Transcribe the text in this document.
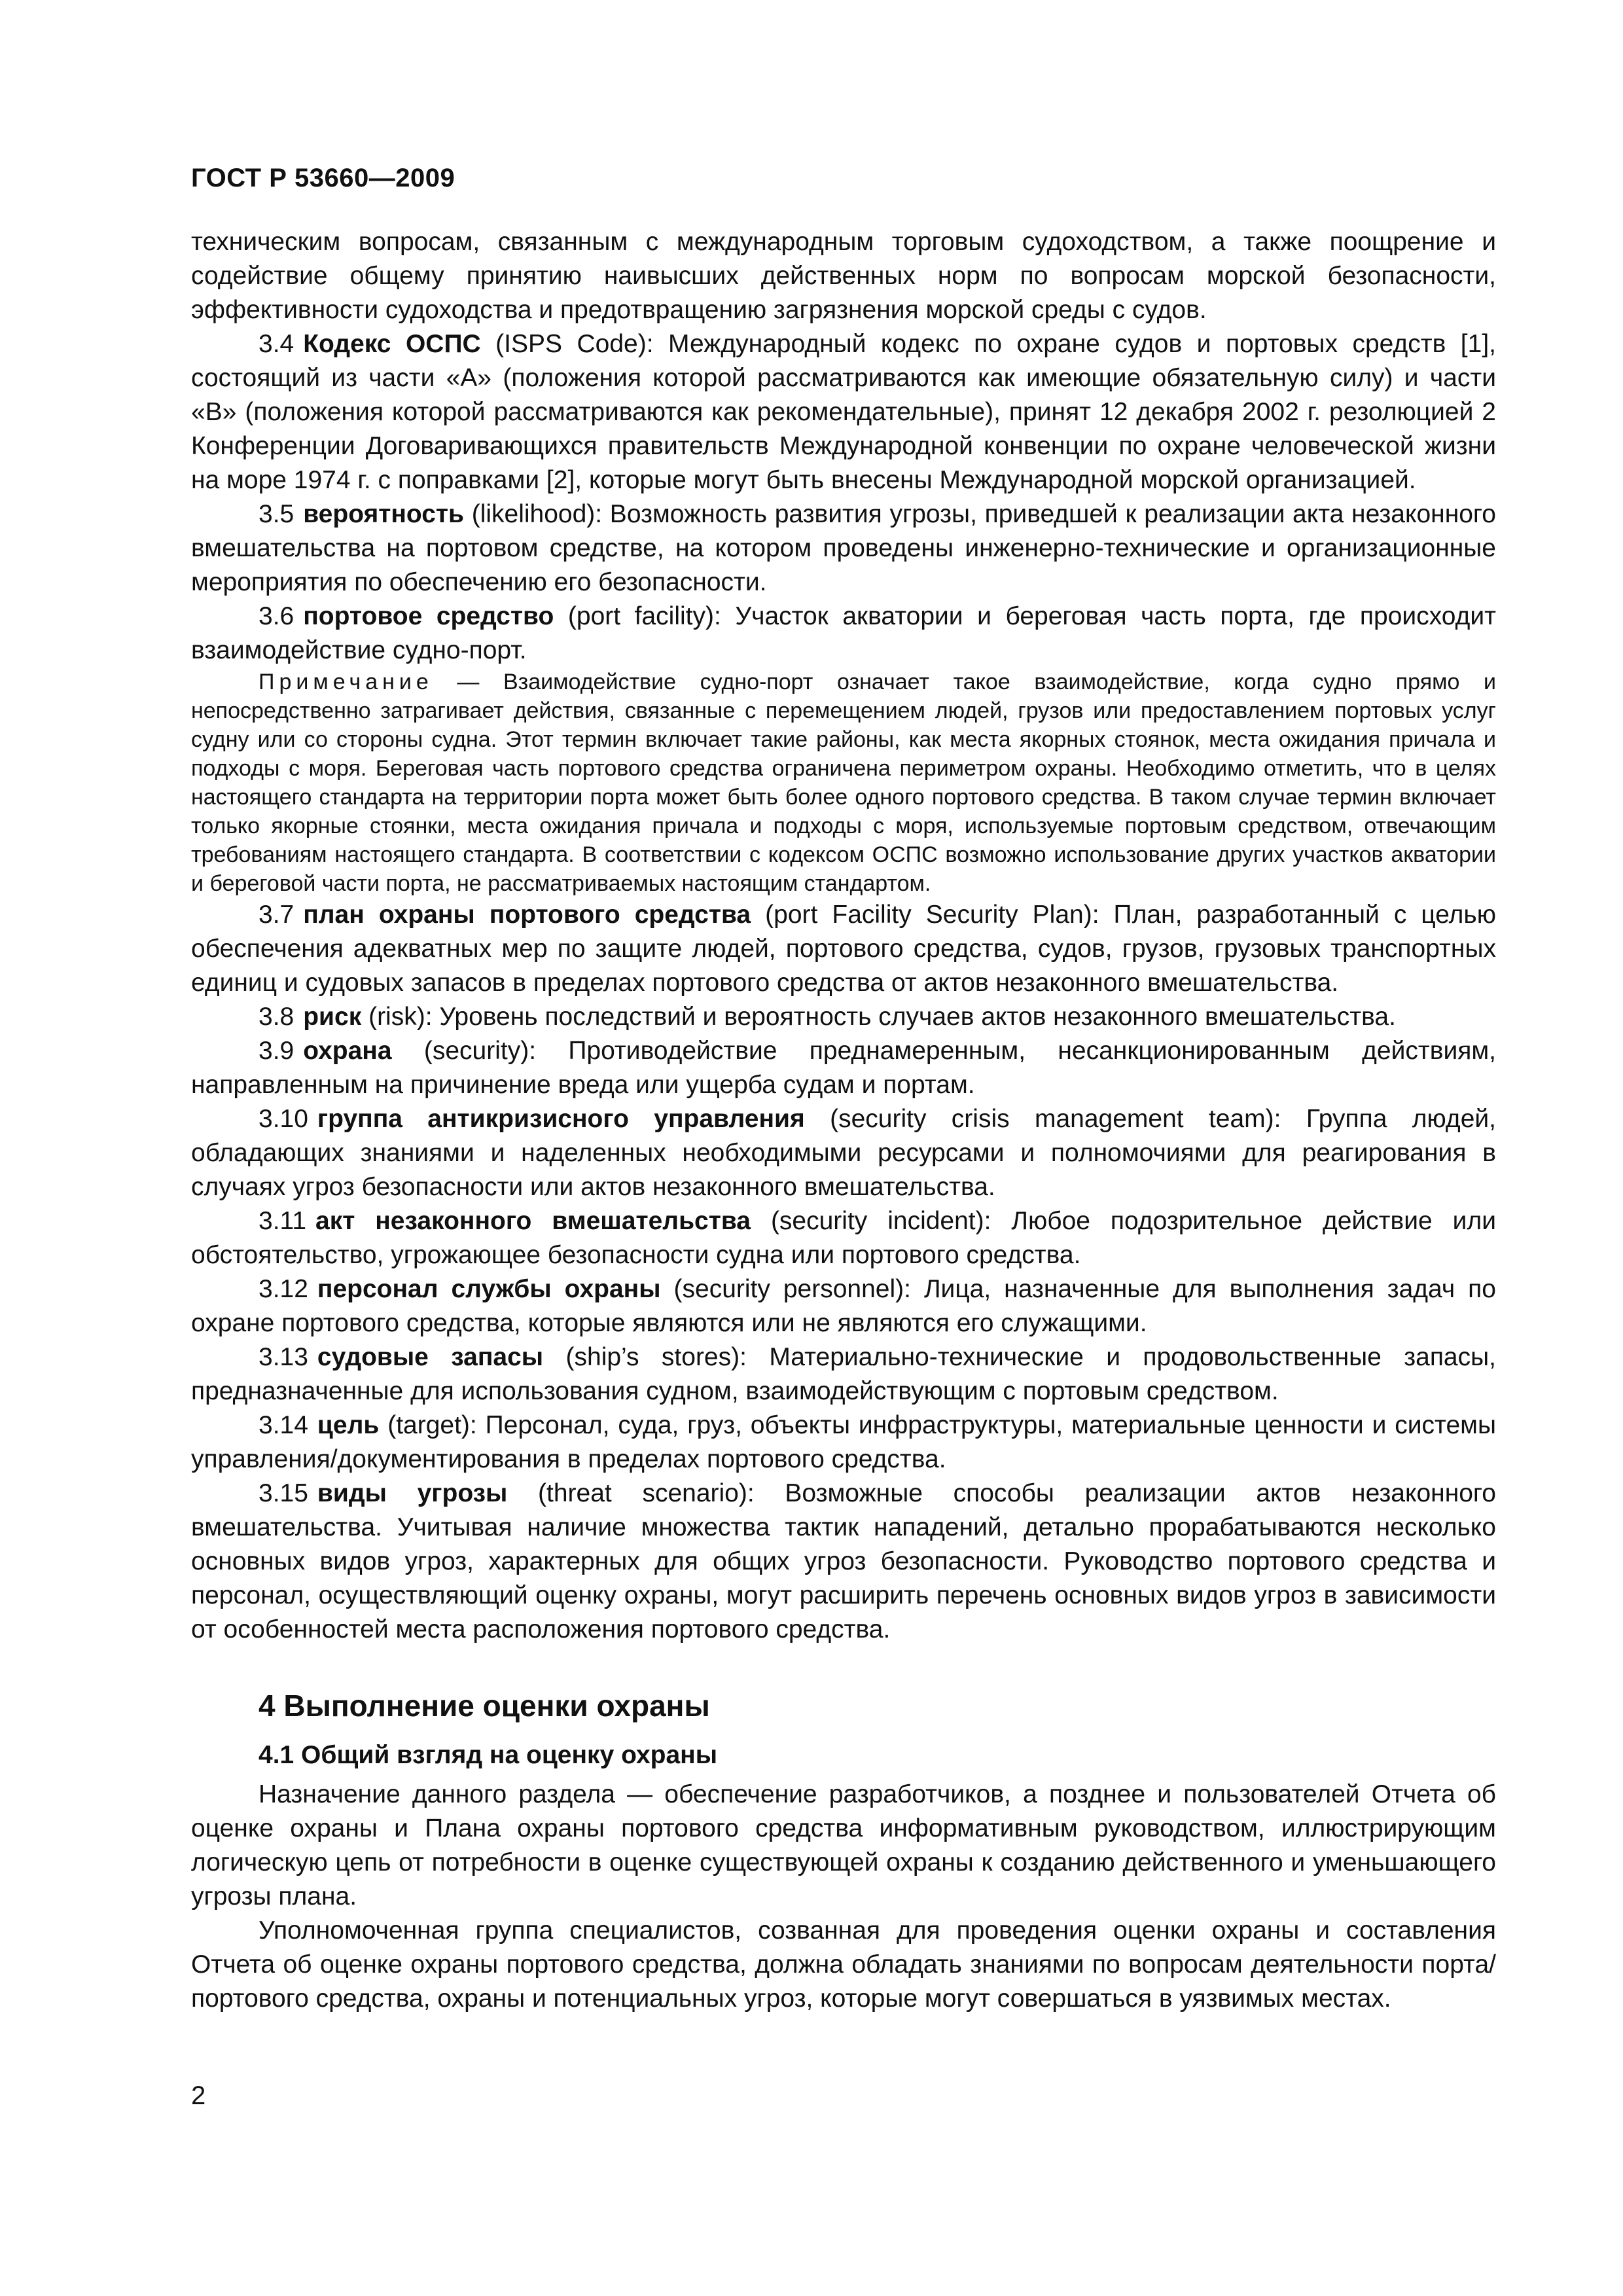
ГОСТ Р 53660—2009

техническим вопросам, связанным с международным торговым судоходством, а также поощрение и содействие общему принятию наивысших действенных норм по вопросам морской безопасности, эффективности судоходства и предотвращению загрязнения морской среды с судов.

3.4 Кодекс ОСПС (ISPS Code): Международный кодекс по охране судов и портовых средств [1], состоящий из части «А» (положения которой рассматриваются как имеющие обязательную силу) и части «В» (положения которой рассматриваются как рекомендательные), принят 12 декабря 2002 г. резолюцией 2 Конференции Договаривающихся правительств Международной конвенции по охране человеческой жизни на море 1974 г. с поправками [2], которые могут быть внесены Международной морской организацией.

3.5 вероятность (likelihood): Возможность развития угрозы, приведшей к реализации акта незаконного вмешательства на портовом средстве, на котором проведены инженерно-технические и организационные мероприятия по обеспечению его безопасности.

3.6 портовое средство (port facility): Участок акватории и береговая часть порта, где происходит взаимодействие судно-порт.

Примечание — Взаимодействие судно-порт означает такое взаимодействие, когда судно прямо и непосредственно затрагивает действия, связанные с перемещением людей, грузов или предоставлением портовых услуг судну или со стороны судна. Этот термин включает такие районы, как места якорных стоянок, места ожидания причала и подходы с моря. Береговая часть портового средства ограничена периметром охраны. Необходимо отметить, что в целях настоящего стандарта на территории порта может быть более одного портового средства. В таком случае термин включает только якорные стоянки, места ожидания причала и подходы с моря, используемые портовым средством, отвечающим требованиям настоящего стандарта. В соответствии с кодексом ОСПС возможно использование других участков акватории и береговой части порта, не рассматриваемых настоящим стандартом.

3.7 план охраны портового средства (port Facility Security Plan): План, разработанный с целью обеспечения адекватных мер по защите людей, портового средства, судов, грузов, грузовых транспортных единиц и судовых запасов в пределах портового средства от актов незаконного вмешательства.

3.8 риск (risk): Уровень последствий и вероятность случаев актов незаконного вмешательства.

3.9 охрана (security): Противодействие преднамеренным, несанкционированным действиям, направленным на причинение вреда или ущерба судам и портам.

3.10 группа антикризисного управления (security crisis management team): Группа людей, обладающих знаниями и наделенных необходимыми ресурсами и полномочиями для реагирования в случаях угроз безопасности или актов незаконного вмешательства.

3.11 акт незаконного вмешательства (security incident): Любое подозрительное действие или обстоятельство, угрожающее безопасности судна или портового средства.

3.12 персонал службы охраны (security personnel): Лица, назначенные для выполнения задач по охране портового средства, которые являются или не являются его служащими.

3.13 судовые запасы (ship’s stores): Материально-технические и продовольственные запасы, предназначенные для использования судном, взаимодействующим с портовым средством.

3.14 цель (target): Персонал, суда, груз, объекты инфраструктуры, материальные ценности и системы управления/документирования в пределах портового средства.

3.15 виды угрозы (threat scenario): Возможные способы реализации актов незаконного вмешательства. Учитывая наличие множества тактик нападений, детально прорабатываются несколько основных видов угроз, характерных для общих угроз безопасности. Руководство портового средства и персонал, осуществляющий оценку охраны, могут расширить перечень основных видов угроз в зависимости от особенностей места расположения портового средства.

4 Выполнение оценки охраны
4.1 Общий взгляд на оценку охраны

Назначение данного раздела — обеспечение разработчиков, а позднее и пользователей Отчета об оценке охраны и Плана охраны портового средства информативным руководством, иллюстрирующим логическую цепь от потребности в оценке существующей охраны к созданию действенного и уменьшающего угрозы плана.

Уполномоченная группа специалистов, созванная для проведения оценки охраны и составления Отчета об оценке охраны портового средства, должна обладать знаниями по вопросам деятельности порта/портового средства, охраны и потенциальных угроз, которые могут совершаться в уязвимых местах.

2
